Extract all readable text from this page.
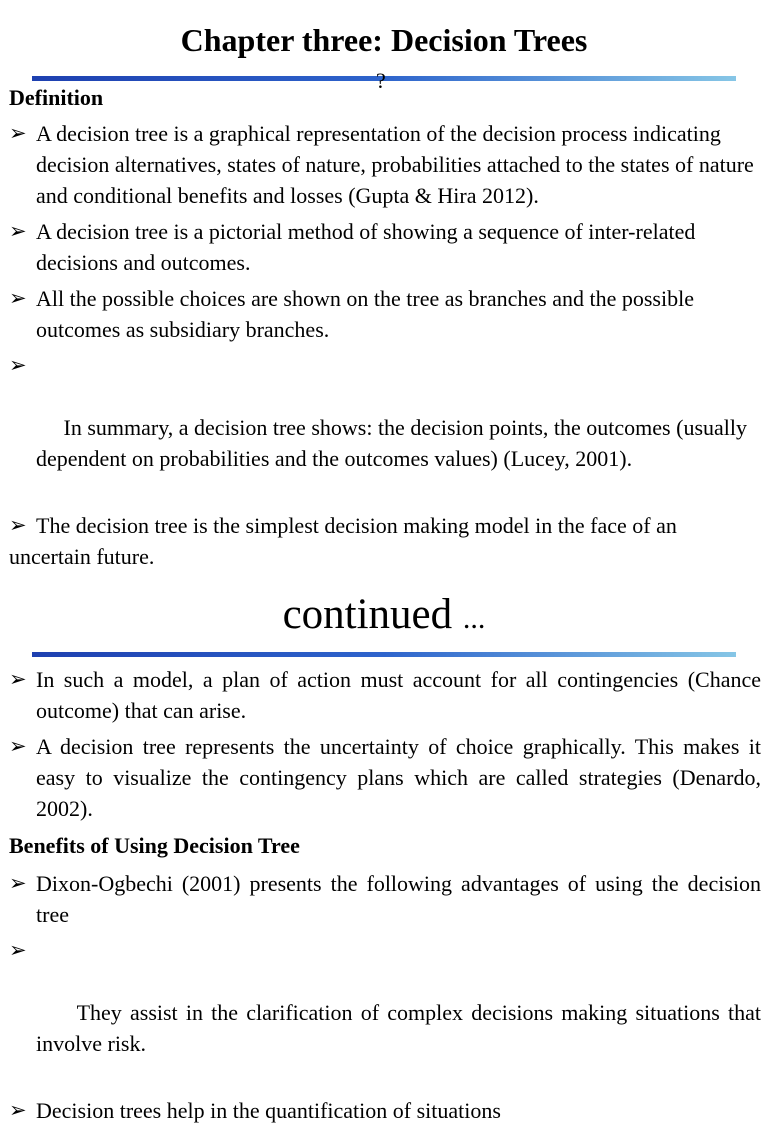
Chapter three: Decision Trees
?
Definition
➢ A decision tree is a graphical representation of the decision process indicating decision alternatives, states of nature, probabilities attached to the states of nature and conditional benefits and losses (Gupta & Hira 2012).
➢ A decision tree is a pictorial method of showing a sequence of inter-related decisions and outcomes.
➢ All the possible choices are shown on the tree as branches and the possible outcomes as subsidiary branches.

➢

In summary, a decision tree shows: the decision points, the outcomes (usually dependent on probabilities and the outcomes values) (Lucey, 2001).

➢ The decision tree is the simplest decision making model in the face of an uncertain future.
continued ...
➢ In such a model, a plan of action must account for all contingencies (Chance outcome) that can arise.
➢ A decision tree represents the uncertainty of choice graphically. This makes it easy to visualize the contingency plans which are called strategies (Denardo, 2002).
Benefits of Using Decision Tree
➢ Dixon-Ogbechi (2001) presents the following advantages of using the decision tree

➢

They assist in the clarification of complex decisions making situations that involve risk.

➢ Decision trees help in the quantification of situations
